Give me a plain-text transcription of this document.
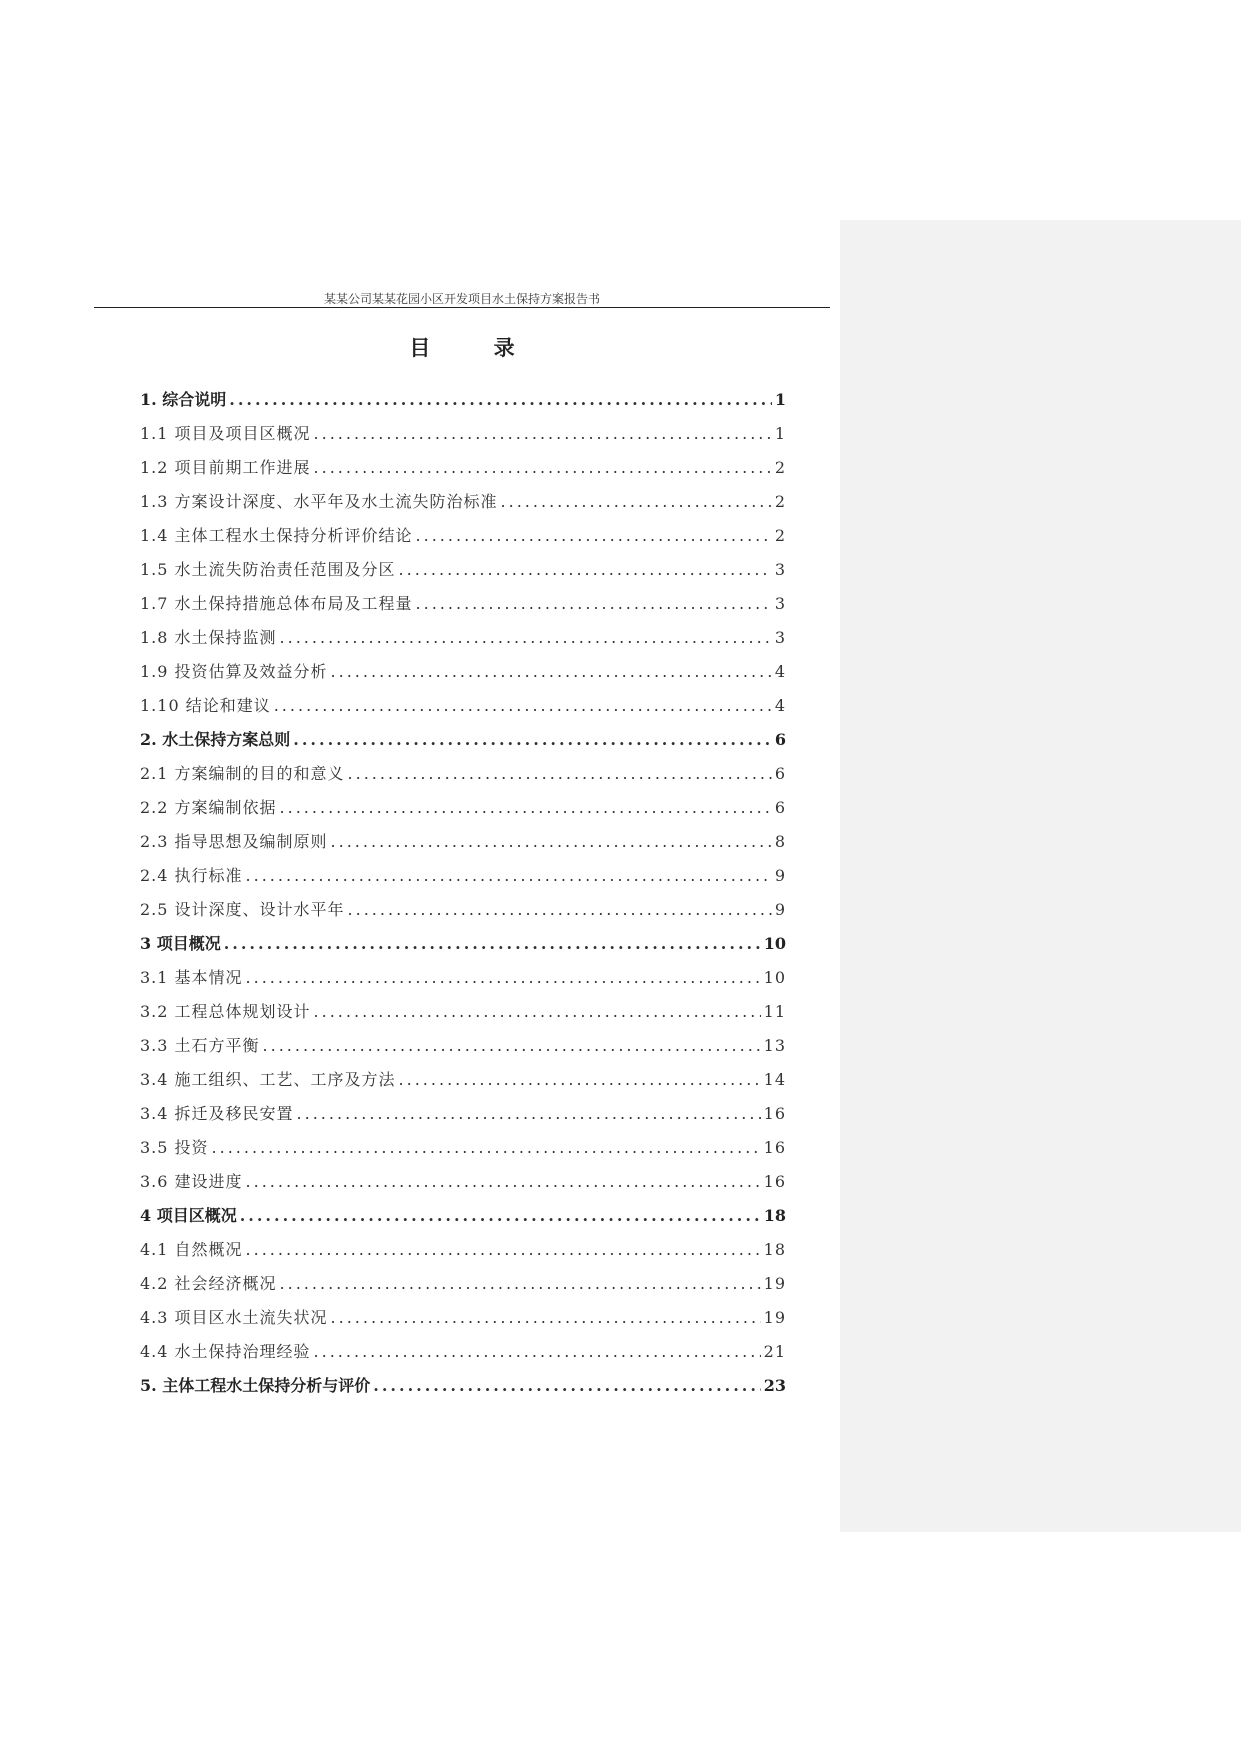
某某公司某某花园小区开发项目水土保持方案报告书
目 录
1. 综合说明 .....	1
1.1 项目及项目区概况 .....	1
1.2 项目前期工作进展 .....	2
1.3 方案设计深度、水平年及水土流失防治标准 .....	2
1.4 主体工程水土保持分析评价结论 .....	2
1.5 水土流失防治责任范围及分区 .....	3
1.7 水土保持措施总体布局及工程量 .....	3
1.8 水土保持监测 .....	3
1.9 投资估算及效益分析 .....	4
1.10 结论和建议 .....	4
2. 水土保持方案总则 .....	6
2.1 方案编制的目的和意义 .....	6
2.2 方案编制依据 .....	6
2.3 指导思想及编制原则 .....	8
2.4 执行标准 .....	9
2.5 设计深度、设计水平年 .....	9
3 项目概况 .....	10
3.1 基本情况 .....	10
3.2 工程总体规划设计 .....	11
3.3 土石方平衡 .....	13
3.4 施工组织、工艺、工序及方法 .....	14
3.4 拆迁及移民安置 .....	16
3.5 投资 .....	16
3.6 建设进度 .....	16
4 项目区概况 .....	18
4.1 自然概况 .....	18
4.2 社会经济概况 .....	19
4.3 项目区水土流失状况 .....	19
4.4 水土保持治理经验 .....	21
5. 主体工程水土保持分析与评价 .....	23
